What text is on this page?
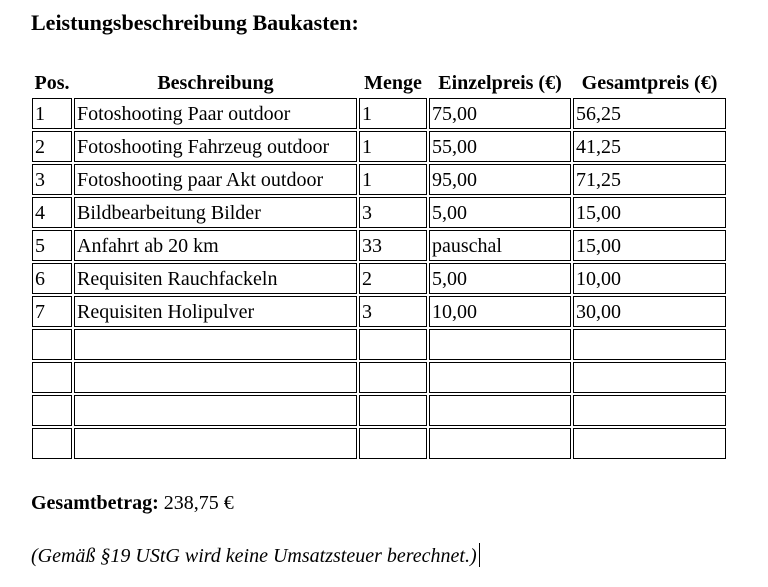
Leistungsbeschreibung Baukasten:
Pos.	Beschreibung	Menge	Einzelpreis (€)	Gesamtpreis (€)
1	Fotoshooting Paar outdoor	1	75,00	56,25
2	Fotoshooting Fahrzeug outdoor	1	55,00	41,25
3	Fotoshooting paar Akt outdoor	1	95,00	71,25
4	Bildbearbeitung Bilder	3	5,00	15,00
5	Anfahrt ab 20 km	33	pauschal	15,00
6	Requisiten Rauchfackeln	2	5,00	10,00
7	Requisiten Holipulver	3	10,00	30,00

Gesamtbetrag: 238,75 €

(Gemäß §19 UStG wird keine Umsatzsteuer berechnet.)
